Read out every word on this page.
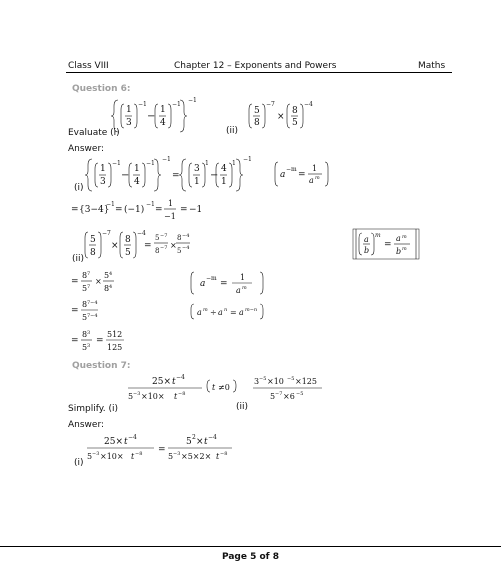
Class VIII	Chapter 12 – Exponents and Powers	Maths
Question 6:
1
3
−1
−
1
4
−1
−1
5
8
−7
×
8
5
−4
Evaluate (i)	(ii)
Answer:
1
3
−1
−
1
4
−1
−1
=
3
1
1
−
4
1
1
−1
a
−m
=
1
a m
(i)
= {3−4}
−1
= (−1)
−1
=
1
−1
= −1
5
8
−7
×
8
5
−4
=
5 −7
8 −7 ×
8 −4
5 −4
a
b
m
=
a m
b m
(ii)
=
8 7
5 7
×
5 4
8 4	a
−m
=
1
a m
=
8 7−4
5 7−4	a m ÷ a n = a m−n
=
8 3
5 3 =
512
125
Question 7:
25× t −4
5 −3 ×10× t −8
t ≠0
3 −5 ×10 −5 ×125
5 −7 ×6 −5
Simplify. (i)	(ii)
Answer:
25× t −4
5 −3 ×10× t −8 =
5 2 × t −4
5 −3 ×5×2× t −8
(i)
Page 5 of 8
